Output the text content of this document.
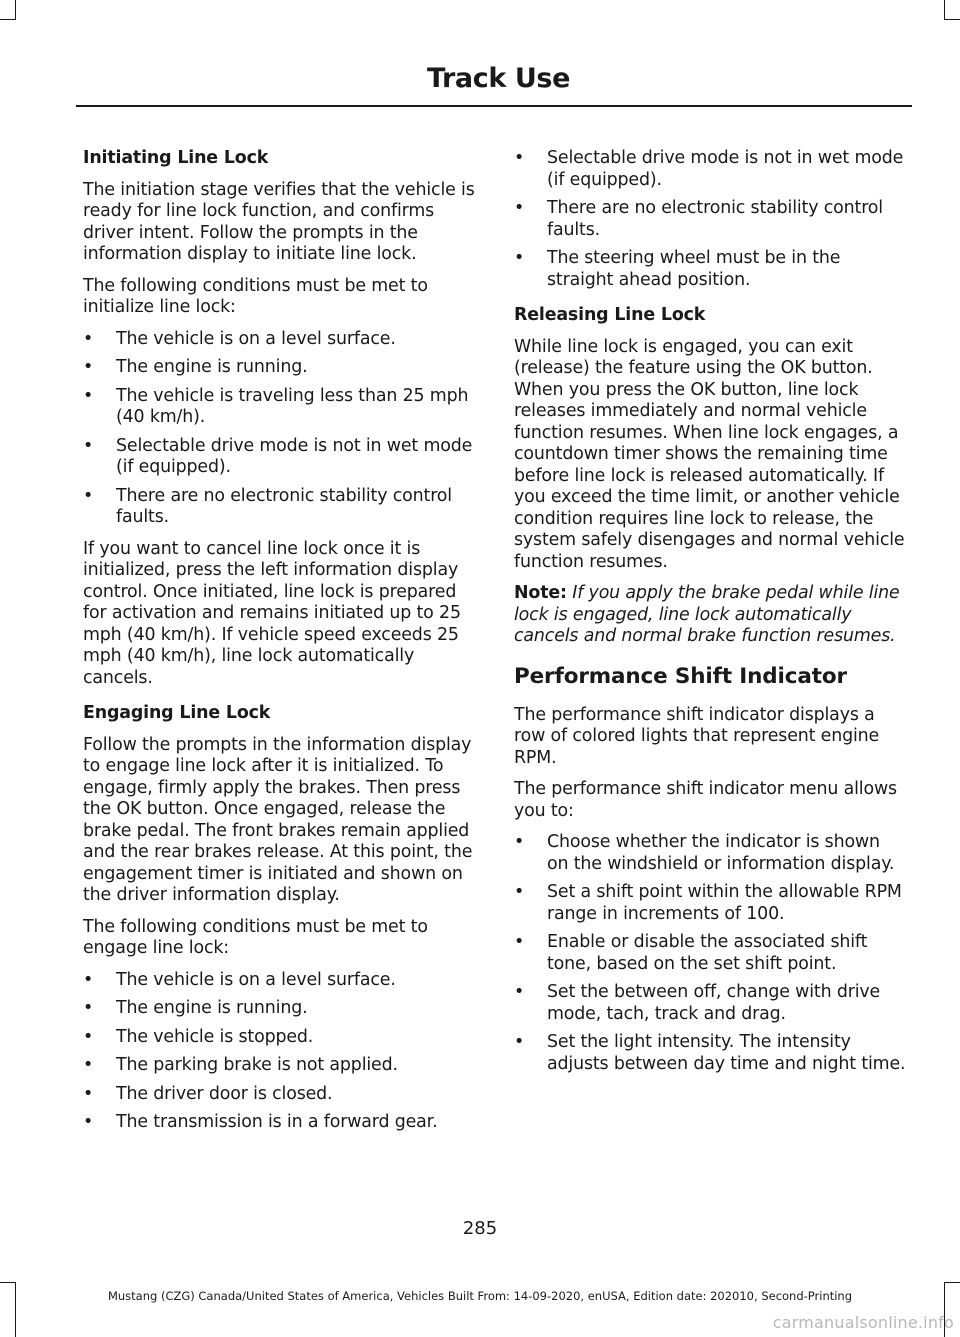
Track Use
Initiating Line Lock

The initiation stage verifies that the vehicle is ready for line lock function, and confirms driver intent. Follow the prompts in the information display to initiate line lock.

The following conditions must be met to initialize line lock:

• The vehicle is on a level surface.
• The engine is running.
• The vehicle is traveling less than 25 mph (40 km/h).
• Selectable drive mode is not in wet mode (if equipped).
• There are no electronic stability control faults.

If you want to cancel line lock once it is initialized, press the left information display control. Once initiated, line lock is prepared for activation and remains initiated up to 25 mph (40 km/h). If vehicle speed exceeds 25 mph (40 km/h), line lock automatically cancels.

Engaging Line Lock

Follow the prompts in the information display to engage line lock after it is initialized. To engage, firmly apply the brakes. Then press the OK button. Once engaged, release the brake pedal. The front brakes remain applied and the rear brakes release. At this point, the engagement timer is initiated and shown on the driver information display.

The following conditions must be met to engage line lock:

• The vehicle is on a level surface.
• The engine is running.
• The vehicle is stopped.
• The parking brake is not applied.
• The driver door is closed.
• The transmission is in a forward gear.
• Selectable drive mode is not in wet mode (if equipped).
• There are no electronic stability control faults.
• The steering wheel must be in the straight ahead position.
Releasing Line Lock

While line lock is engaged, you can exit (release) the feature using the OK button. When you press the OK button, line lock releases immediately and normal vehicle function resumes. When line lock engages, a countdown timer shows the remaining time before line lock is released automatically. If you exceed the time limit, or another vehicle condition requires line lock to release, the system safely disengages and normal vehicle function resumes.

Note: If you apply the brake pedal while line lock is engaged, line lock automatically cancels and normal brake function resumes.

Performance Shift Indicator

The performance shift indicator displays a row of colored lights that represent engine RPM.

The performance shift indicator menu allows you to:

• Choose whether the indicator is shown on the windshield or information display.
• Set a shift point within the allowable RPM range in increments of 100.
• Enable or disable the associated shift tone, based on the set shift point.
• Set the between off, change with drive mode, tach, track and drag.
• Set the light intensity. The intensity adjusts between day time and night time.
285
Mustang (CZG) Canada/United States of America, Vehicles Built From: 14-09-2020, enUSA, Edition date: 202010, Second-Printing
carmanualsonline.info
